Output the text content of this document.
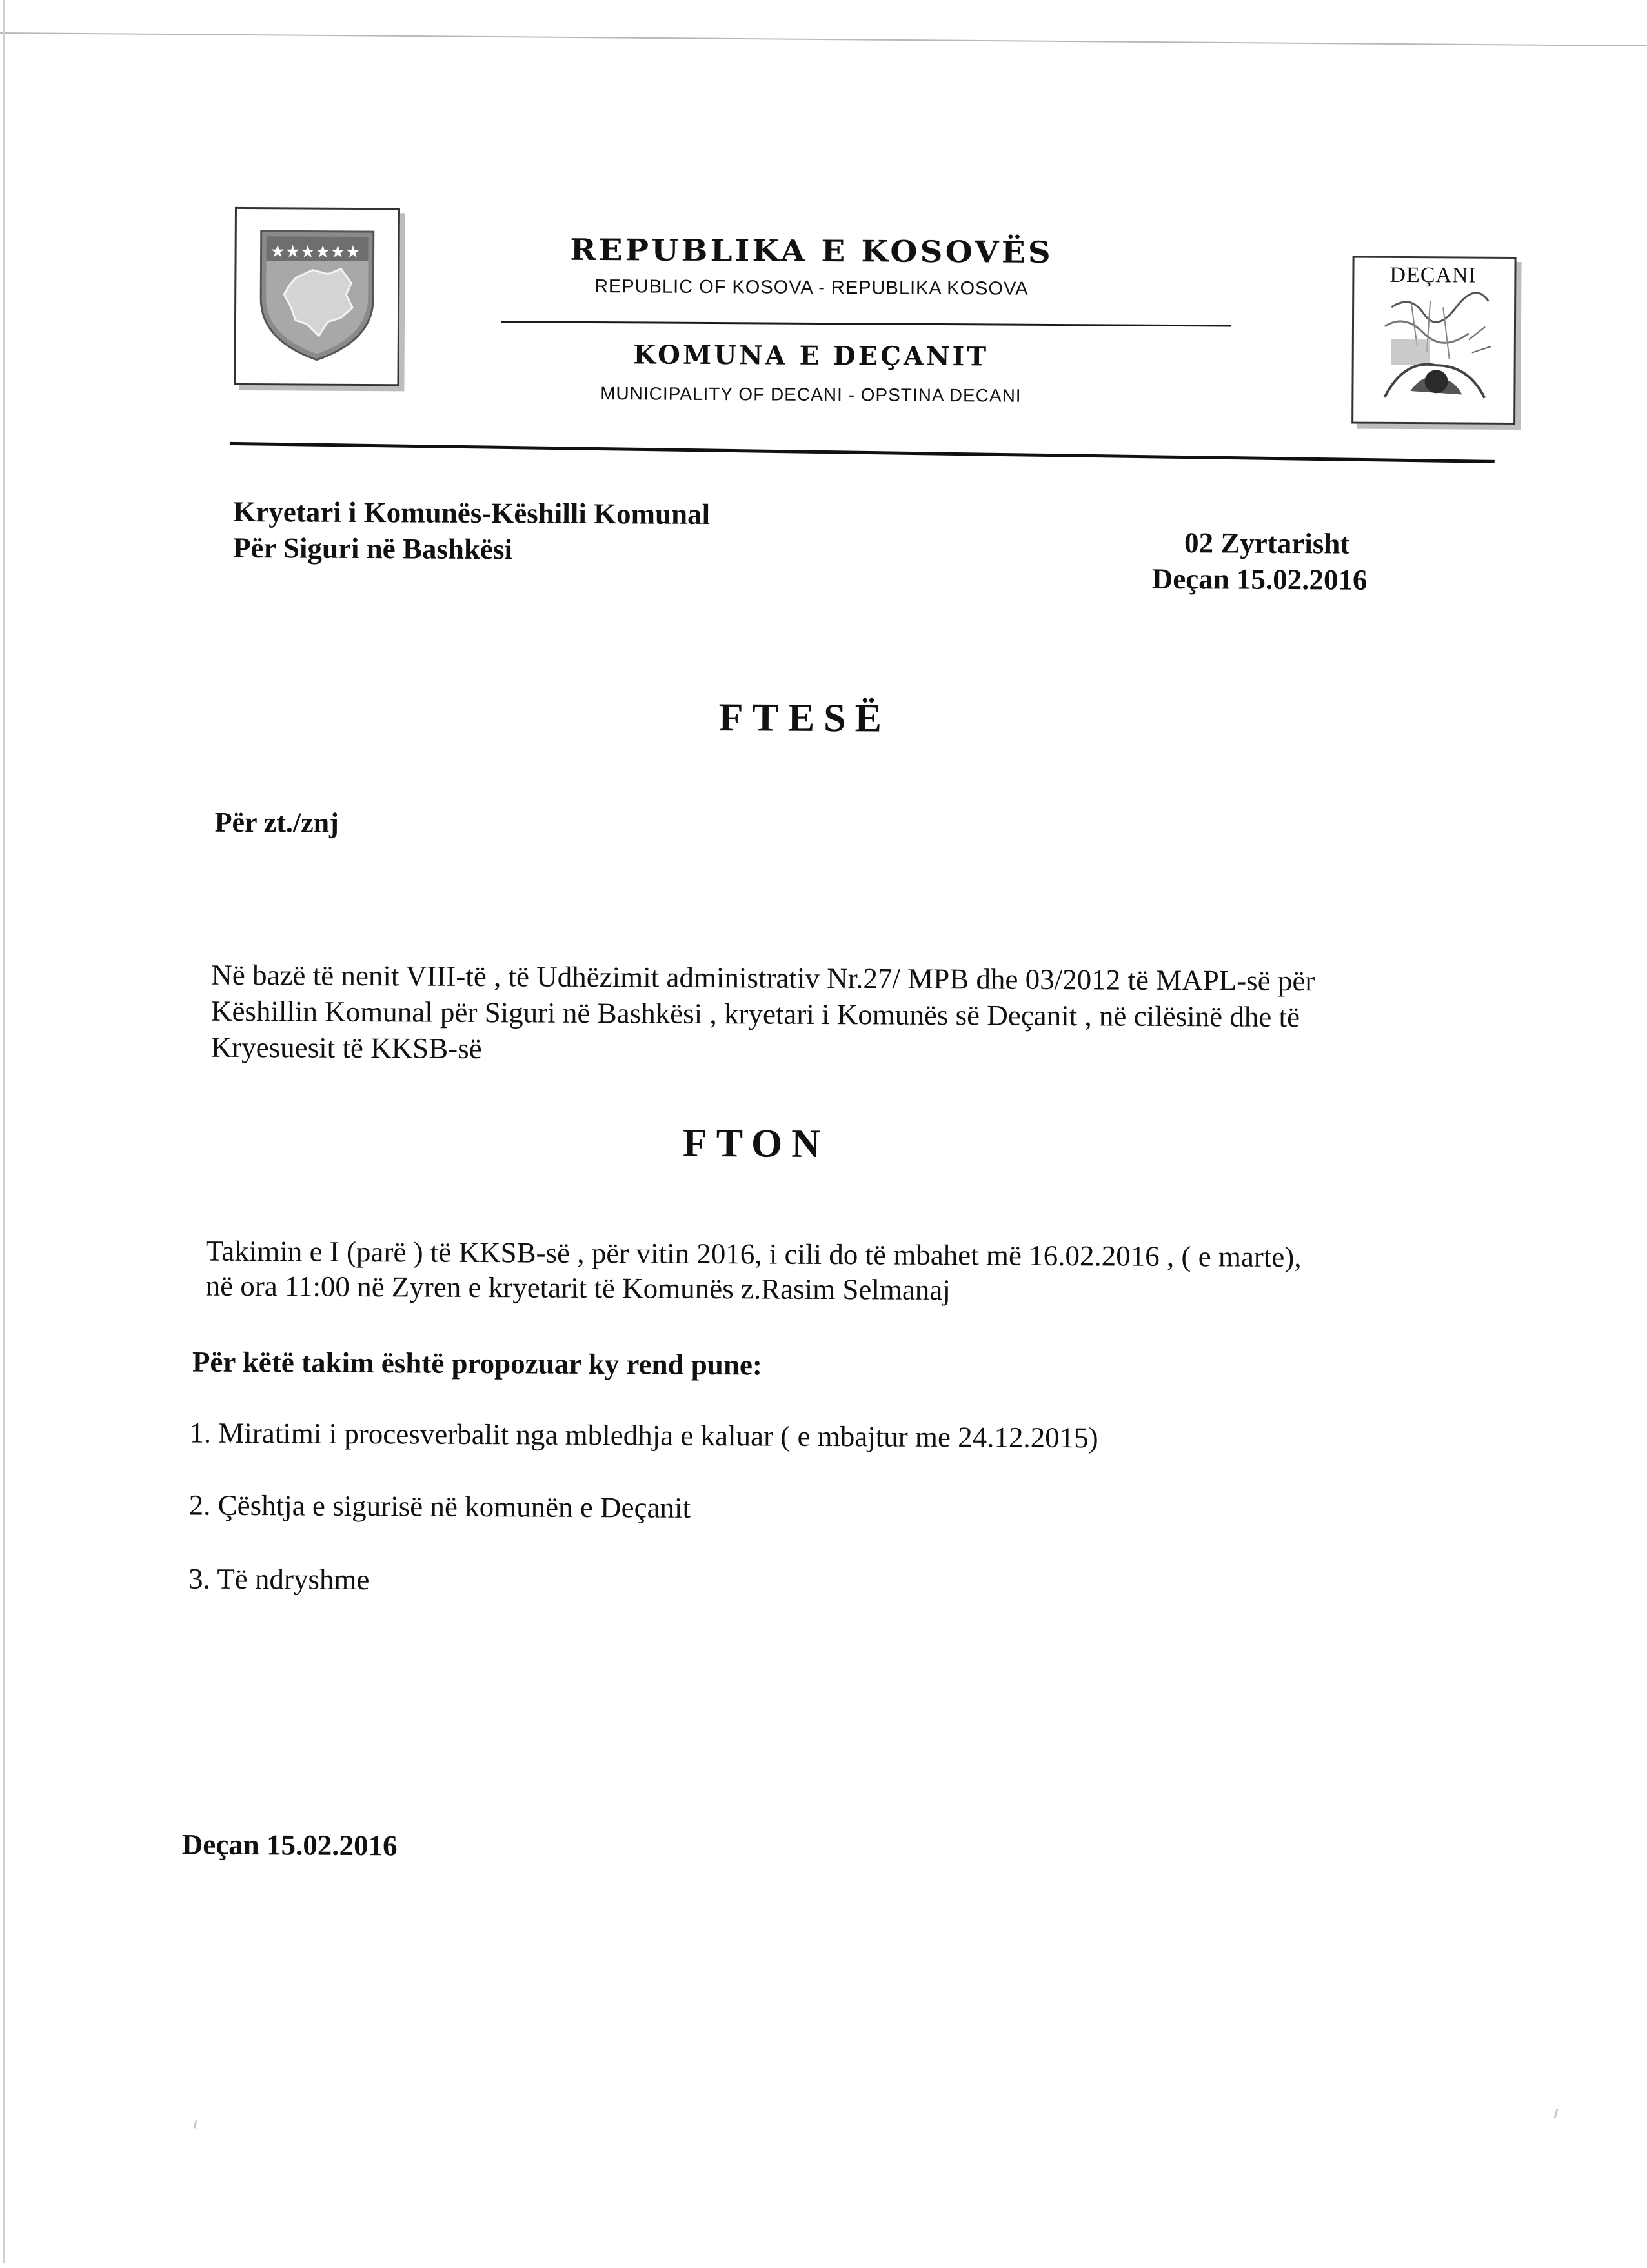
★★★★★★	REPUBLIKA E KOSOVËS
REPUBLIC OF KOSOVA - REPUBLIKA KOSOVA
KOMUNA E DEÇANIT
MUNICIPALITY OF DECANI - OPSTINA DECANI
DEÇANI
Kryetari i Komunës-Këshilli Komunal
Për Siguri në Bashkësi	02 Zyrtarisht
Deçan 15.02.2016
FTESË
Për zt./znj
Në bazë të nenit VIII-të , të Udhëzimit administrativ Nr.27/ MPB dhe 03/2012 të MAPL-së për
Këshillin Komunal për Siguri në Bashkësi , kryetari i Komunës së Deçanit , në cilësinë dhe të
Kryesuesit të KKSB-së
FTON
Takimin e I (parë ) të KKSB-së , për vitin 2016, i cili do të mbahet më 16.02.2016 , ( e marte),
në ora 11:00 në Zyren e kryetarit të Komunës z.Rasim Selmanaj
Për këtë takim është propozuar ky rend pune:
1. Miratimi i procesverbalit nga mbledhja e kaluar ( e mbajtur me 24.12.2015)
2. Çështja e sigurisë në komunën e Deçanit
3. Të ndryshme
Deçan 15.02.2016
